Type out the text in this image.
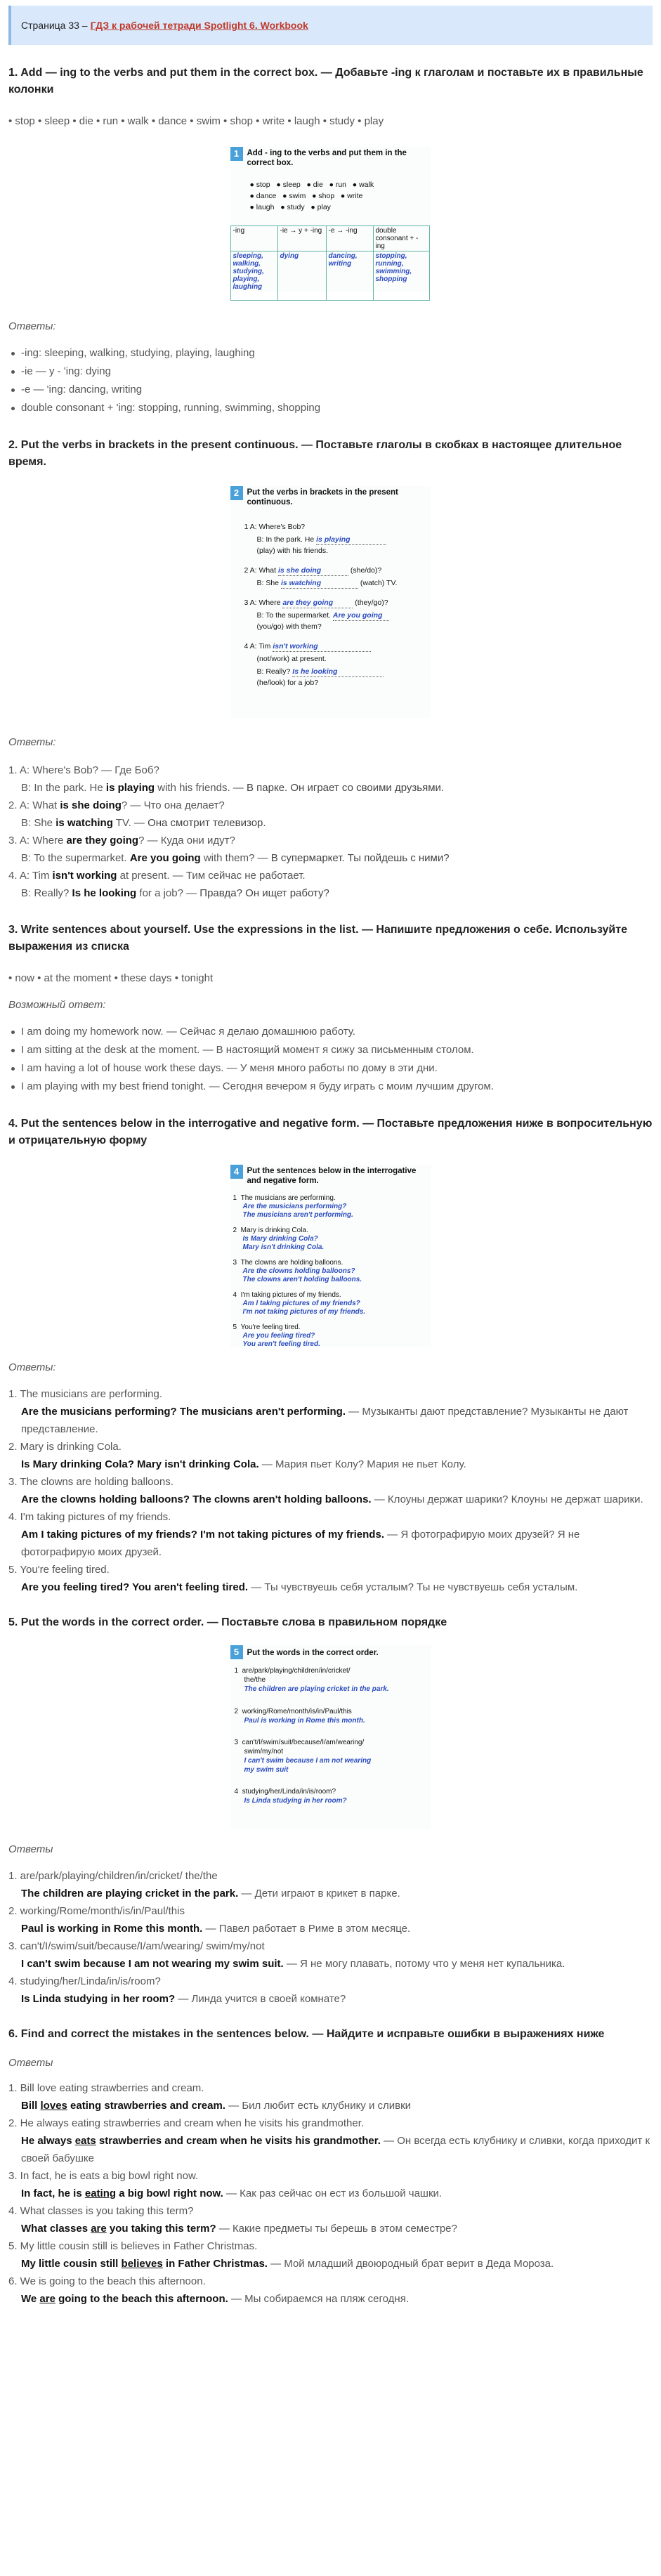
Страница 33 – ГДЗ к рабочей тетради Spotlight 6. Workbook
1. Add — ing to the verbs and put them in the correct box. — Добавьте -ing к глаголам и поставьте их в правильные колонки

• stop • sleep • die • run • walk • dance • swim • shop • write • laugh • study • play

1 Add - ing to the verbs and put them in the correct box.
● stop ● sleep ● die ● run ● walk
● dance ● swim ● shop ● write
● laugh ● study ● play
-ing	-ie → y + -ing	-e → -ing	double consonant + -ing
sleeping, walking, studying, playing, laughing	dying	dancing, writing	stopping, running, swimming, shopping

Ответы:

-ing: sleeping, walking, studying, playing, laughing
-ie — y - 'ing: dying
-e — 'ing: dancing, writing
double consonant + 'ing: stopping, running, swimming, shopping
2. Put the verbs in brackets in the present continuous. — Поставьте глаголы в скобках в настоящее длительное время.
2 Put the verbs in brackets in the present continuous.
1 A: Where's Bob?
B: In the park. He is playing
(play) with his friends.
2 A: What is she doing	(she/do)?
B: She is watching	(watch) TV.
3 A: Where are they going	(they/go)?
B: To the supermarket. Are you going
(you/go) with them?
4 A: Tim isn't working
(not/work) at present.
B: Really? Is he looking
(he/look) for a job?

Ответы:

1. A: Where's Bob? — Где Боб?
B: In the park. He is playing with his friends. — В парке. Он играет со своими друзьями.
2. A: What is she doing? — Что она делает?
B: She is watching TV. — Она смотрит телевизор.
3. A: Where are they going? — Куда они идут?
B: To the supermarket. Are you going with them? — В супермаркет. Ты пойдешь с ними?
4. A: Tim isn't working at present. — Тим сейчас не работает.
B: Really? Is he looking for a job? — Правда? Он ищет работу?
3. Write sentences about yourself. Use the expressions in the list. — Напишите предложения о себе. Используйте выражения из списка

• now • at the moment • these days • tonight

Возможный ответ:

I am doing my homework now. — Сейчас я делаю домашнюю работу.
I am sitting at the desk at the moment. — В настоящий момент я сижу за письменным столом.
I am having a lot of house work these days. — У меня много работы по дому в эти дни.
I am playing with my best friend tonight. — Сегодня вечером я буду играть с моим лучшим другом.
4. Put the sentences below in the interrogative and negative form. — Поставьте предложения ниже в вопросительную и отрицательную форму
4 Put the sentences below in the interrogative and negative form.
1 The musicians are performing.
Are the musicians performing?
The musicians aren't performing.
2 Mary is drinking Cola.
Is Mary drinking Cola?
Mary isn't drinking Cola.
3 The clowns are holding balloons.
Are the clowns holding balloons?
The clowns aren't holding balloons.
4 I'm taking pictures of my friends.
Am I taking pictures of my friends?
I'm not taking pictures of my friends.
5 You're feeling tired.
Are you feeling tired?
You aren't feeling tired.

Ответы:

1. The musicians are performing.
Are the musicians performing? The musicians aren't performing. — Музыканты дают представление? Музыканты не дают представление.
2. Mary is drinking Cola.
Is Mary drinking Cola? Mary isn't drinking Cola. — Мария пьет Колу? Мария не пьет Колу.
3. The clowns are holding balloons.
Are the clowns holding balloons? The clowns aren't holding balloons. — Клоуны держат шарики? Клоуны не держат шарики.
4. I'm taking pictures of my friends.
Am I taking pictures of my friends? I'm not taking pictures of my friends. — Я фотографирую моих друзей? Я не фотографирую моих друзей.
5. You're feeling tired.
Are you feeling tired? You aren't feeling tired. — Ты чувствуешь себя усталым? Ты не чувствуешь себя усталым.
5. Put the words in the correct order. — Поставьте слова в правильном порядке
5 Put the words in the correct order.
1 are/park/playing/children/in/cricket/
the/the
The children are playing cricket in the park.
2 working/Rome/month/is/in/Paul/this
Paul is working in Rome this month.
3 can't/I/swim/suit/because/I/am/wearing/
swim/my/not
I can't swim because I am not wearing
my swim suit
4 studying/her/Linda/in/is/room?
Is Linda studying in her room?

Ответы

1. are/park/playing/children/in/cricket/ the/the
The children are playing cricket in the park. — Дети играют в крикет в парке.
2. working/Rome/month/is/in/Paul/this
Paul is working in Rome this month. — Павел работает в Риме в этом месяце.
3. can't/I/swim/suit/because/I/am/wearing/ swim/my/not
I can't swim because I am not wearing my swim suit. — Я не могу плавать, потому что у меня нет купальника.
4. studying/her/Linda/in/is/room?
Is Linda studying in her room? — Линда учится в своей комнате?
6. Find and correct the mistakes in the sentences below. — Найдите и исправьте ошибки в выражениях ниже

Ответы

1. Bill love eating strawberries and cream.
Bill loves eating strawberries and cream. — Бил любит есть клубнику и сливки
2. He always eating strawberries and cream when he visits his grandmother.
He always eats strawberries and cream when he visits his grandmother. — Он всегда есть клубнику и сливки, когда приходит к своей бабушке
3. In fact, he is eats a big bowl right now.
In fact, he is eating a big bowl right now. — Как раз сейчас он ест из большой чашки.
4. What classes is you taking this term?
What classes are you taking this term? — Какие предметы ты берешь в этом семестре?
5. My little cousin still is believes in Father Christmas.
My little cousin still believes in Father Christmas. — Мой младший двоюродный брат верит в Деда Мороза.
6. We is going to the beach this afternoon.
We are going to the beach this afternoon. — Мы собираемся на пляж сегодня.
